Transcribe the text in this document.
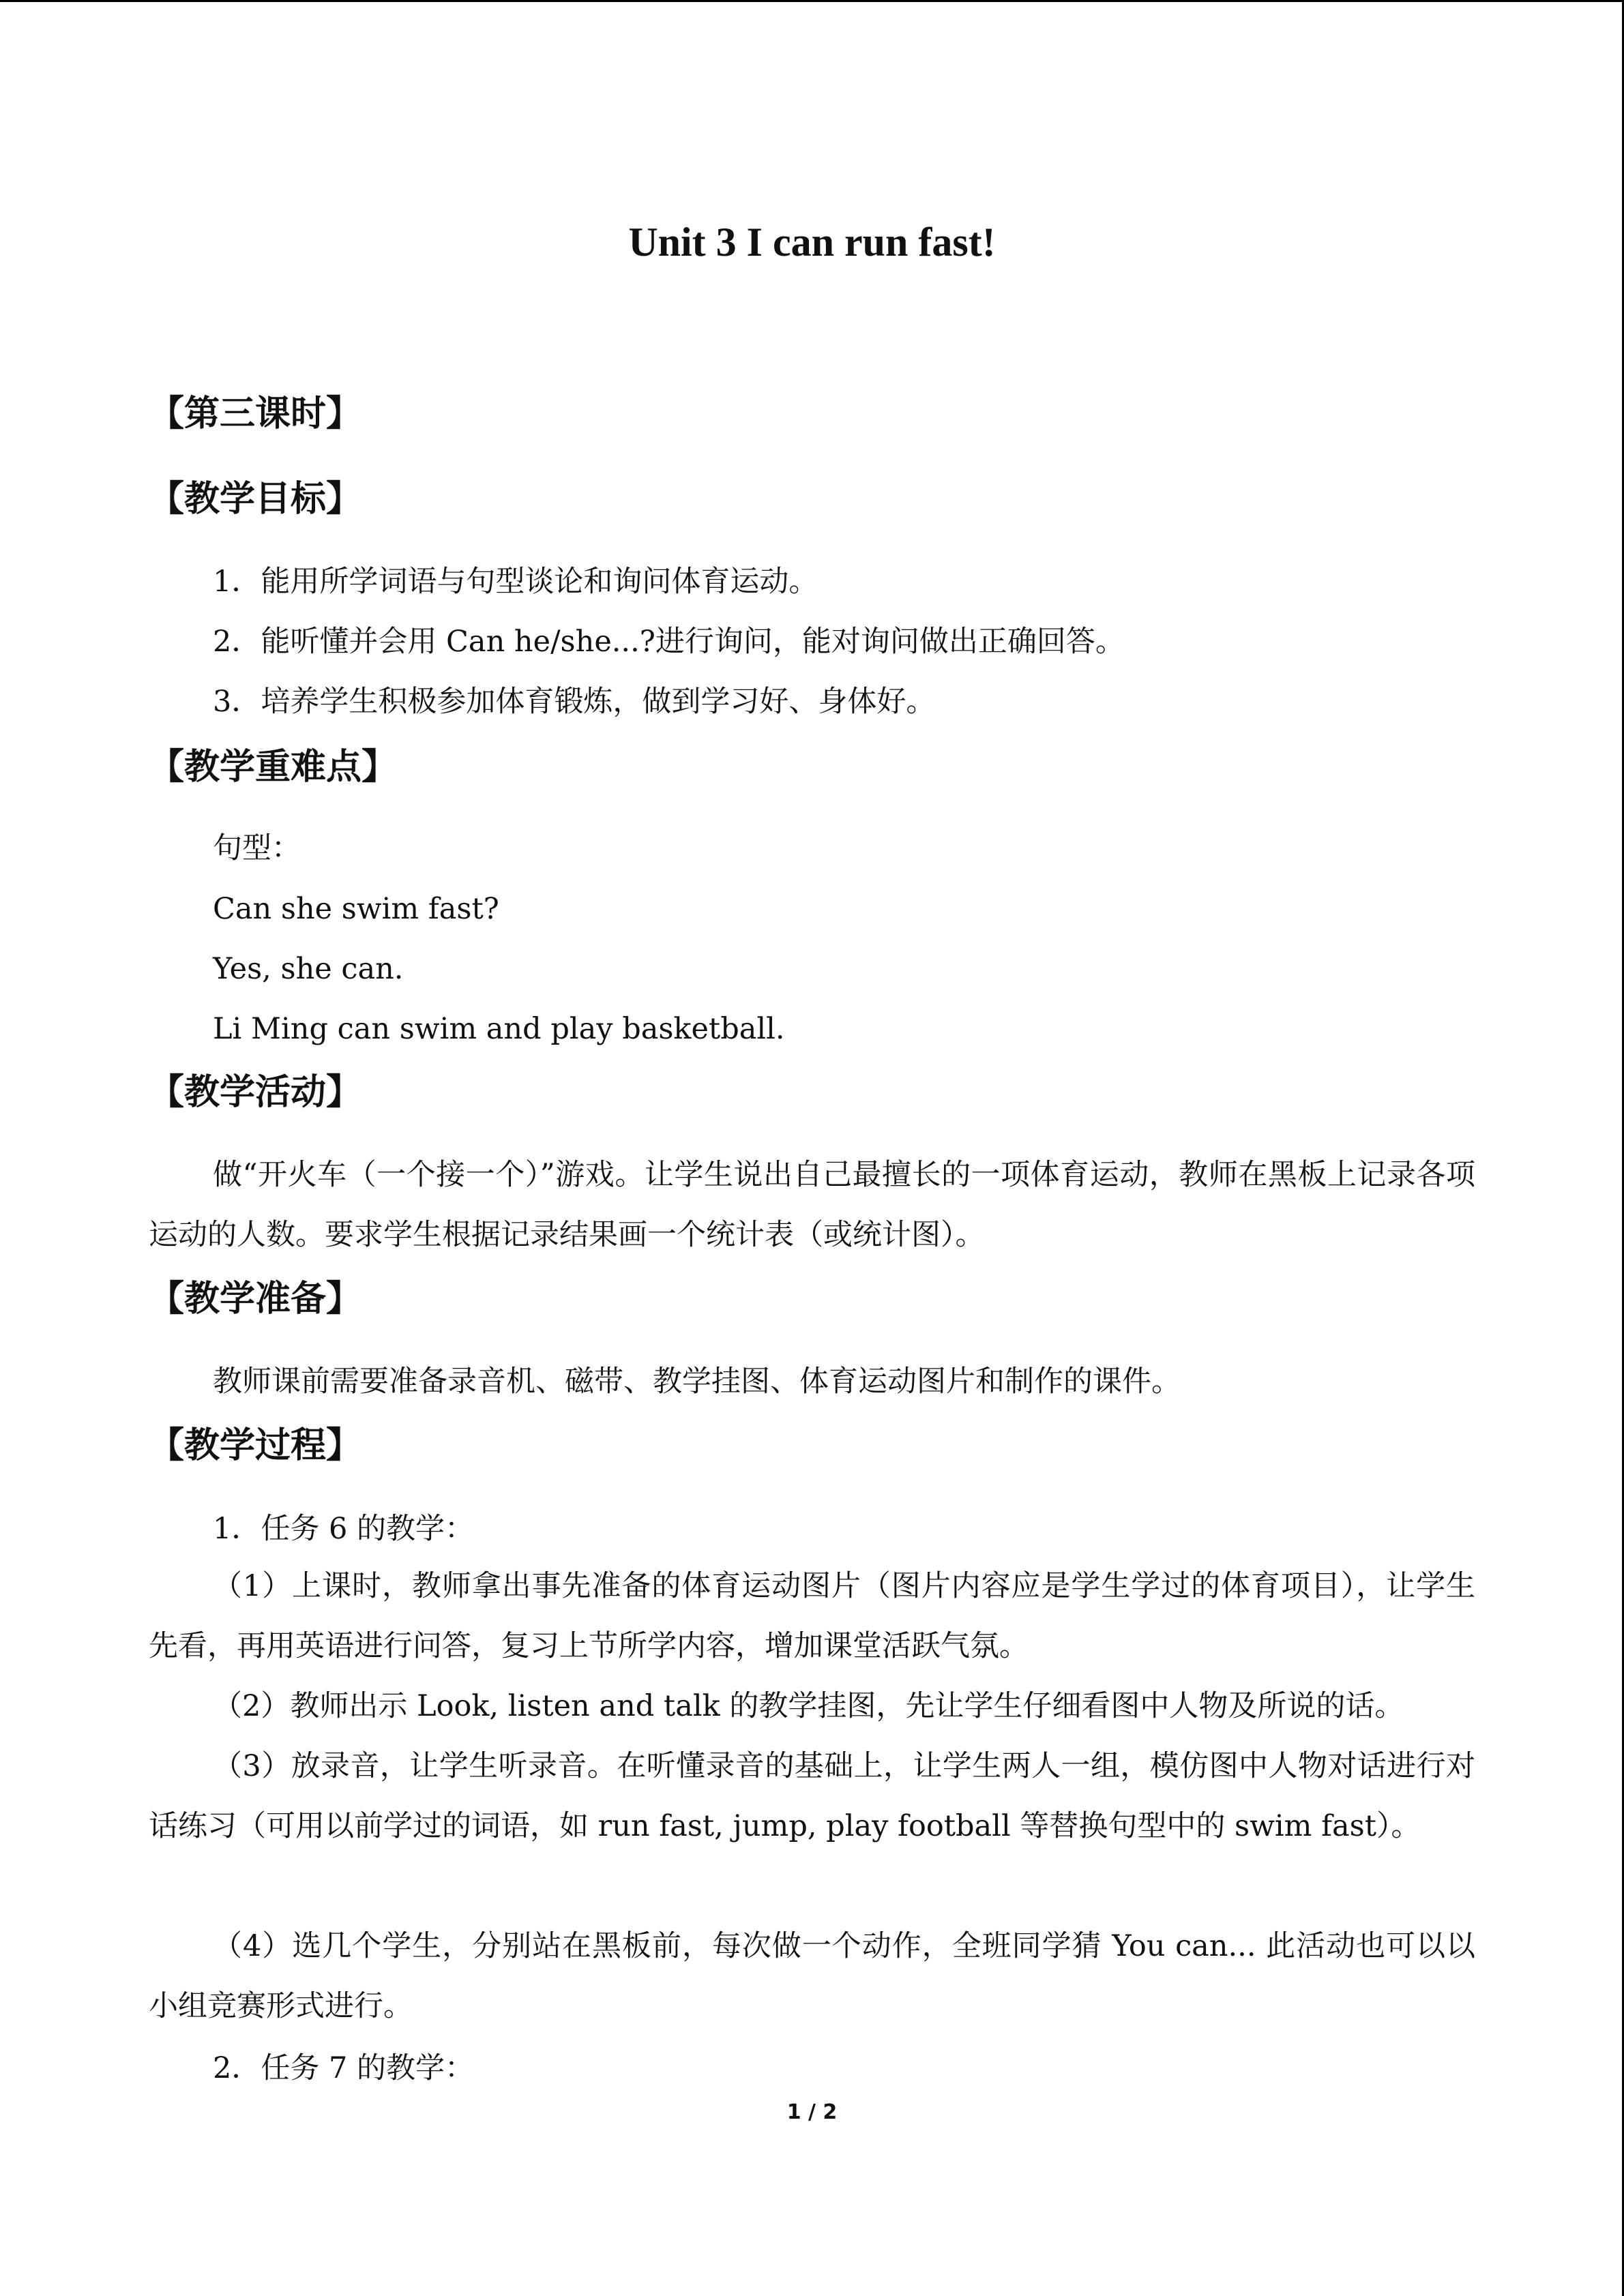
Unit 3 I can run fast!
【第三课时】
【教学目标】
1．能用所学词语与句型谈论和询问体育运动。
2．能听懂并会用 Can he/she...?进行询问，能对询问做出正确回答。
3．培养学生积极参加体育锻炼，做到学习好、身体好。
【教学重难点】
句型：
Can she swim fast?
Yes, she can.
Li Ming can swim and play basketball.
【教学活动】
做“开火车（一个接一个）”游戏。让学生说出自己最擅长的一项体育运动，教师在黑板上记录各项运动的人数。要求学生根据记录结果画一个统计表（或统计图）。
【教学准备】
教师课前需要准备录音机、磁带、教学挂图、体育运动图片和制作的课件。
【教学过程】
1．任务 6 的教学：
（1）上课时，教师拿出事先准备的体育运动图片（图片内容应是学生学过的体育项目），让学生先看，再用英语进行问答，复习上节所学内容，增加课堂活跃气氛。
（2）教师出示 Look, listen and talk 的教学挂图，先让学生仔细看图中人物及所说的话。
（3）放录音，让学生听录音。在听懂录音的基础上，让学生两人一组，模仿图中人物对话进行对话练习（可用以前学过的词语，如 run fast, jump, play football 等替换句型中的 swim fast）。
（4）选几个学生，分别站在黑板前，每次做一个动作，全班同学猜 You can... 此活动也可以以小组竞赛形式进行。
2．任务 7 的教学：
1 / 2
